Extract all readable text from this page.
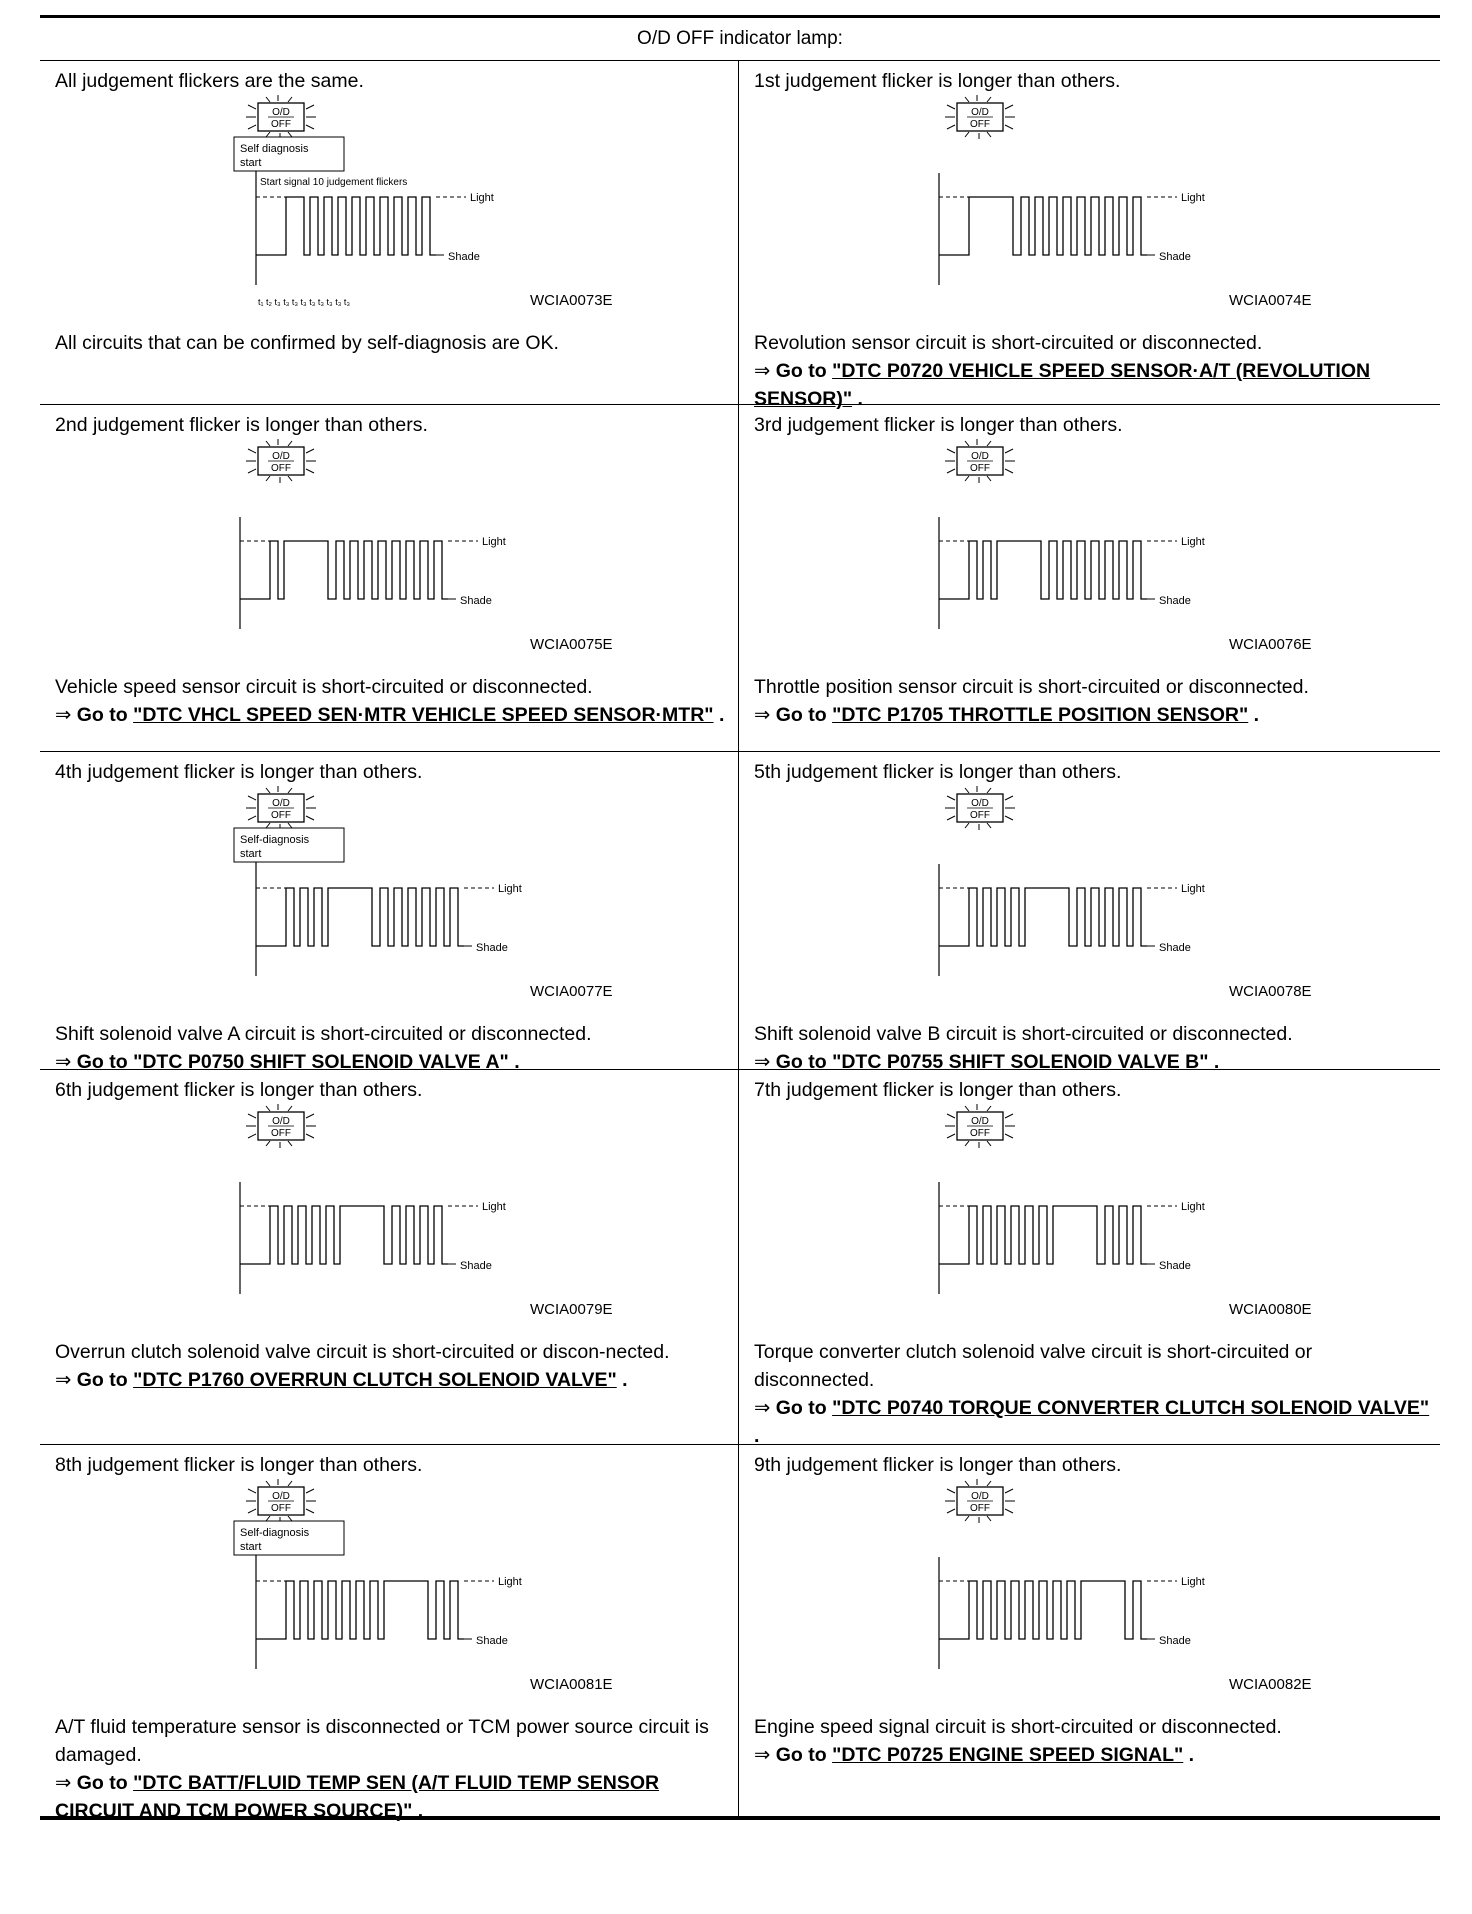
O/D OFF indicator lamp:
All judgement flickers are the same.
O/D
OFF
Self diagnosis
start
Start signal 10 judgement flickers
Light
Shade
t₁ t₂ t₃ t₃ t₃ t₃ t₃ t₃ t₃ t₃ t₃	WCIA0073E
All circuits that can be confirmed by self-diagnosis are OK.
1st judgement flicker is longer than others.
O/D
OFF
Light
Shade
WCIA0074E
Revolution sensor circuit is short-circuited or disconnected.
⇒ Go to "DTC P0720 VEHICLE SPEED SENSOR·A/T (REVOLUTION SENSOR)" .
2nd judgement flicker is longer than others.
O/D
OFF
Light
Shade
WCIA0075E
Vehicle speed sensor circuit is short-circuited or disconnected.
⇒ Go to "DTC VHCL SPEED SEN·MTR VEHICLE SPEED SENSOR·MTR" .
3rd judgement flicker is longer than others.
O/D
OFF
Light
Shade
WCIA0076E
Throttle position sensor circuit is short-circuited or disconnected.
⇒ Go to "DTC P1705 THROTTLE POSITION SENSOR" .
4th judgement flicker is longer than others.
O/D
OFF
Self-diagnosis
start
Light
Shade
WCIA0077E
Shift solenoid valve A circuit is short-circuited or disconnected.
⇒ Go to "DTC P0750 SHIFT SOLENOID VALVE A" .
5th judgement flicker is longer than others.
O/D
OFF
Light
Shade
WCIA0078E
Shift solenoid valve B circuit is short-circuited or disconnected.
⇒ Go to "DTC P0755 SHIFT SOLENOID VALVE B" .
6th judgement flicker is longer than others.
O/D
OFF
Light
Shade
WCIA0079E
Overrun clutch solenoid valve circuit is short-circuited or discon-nected.
⇒ Go to "DTC P1760 OVERRUN CLUTCH SOLENOID VALVE" .
7th judgement flicker is longer than others.
O/D
OFF
Light
Shade
WCIA0080E
Torque converter clutch solenoid valve circuit is short-circuited or disconnected.
⇒ Go to "DTC P0740 TORQUE CONVERTER CLUTCH SOLENOID VALVE" .
8th judgement flicker is longer than others.
O/D
OFF
Self-diagnosis
start
Light
Shade
WCIA0081E
A/T fluid temperature sensor is disconnected or TCM power source circuit is damaged.
⇒ Go to "DTC BATT/FLUID TEMP SEN (A/T FLUID TEMP SENSOR CIRCUIT AND TCM POWER SOURCE)" .
9th judgement flicker is longer than others.
O/D
OFF
Light
Shade
WCIA0082E
Engine speed signal circuit is short-circuited or disconnected.
⇒ Go to "DTC P0725 ENGINE SPEED SIGNAL" .
